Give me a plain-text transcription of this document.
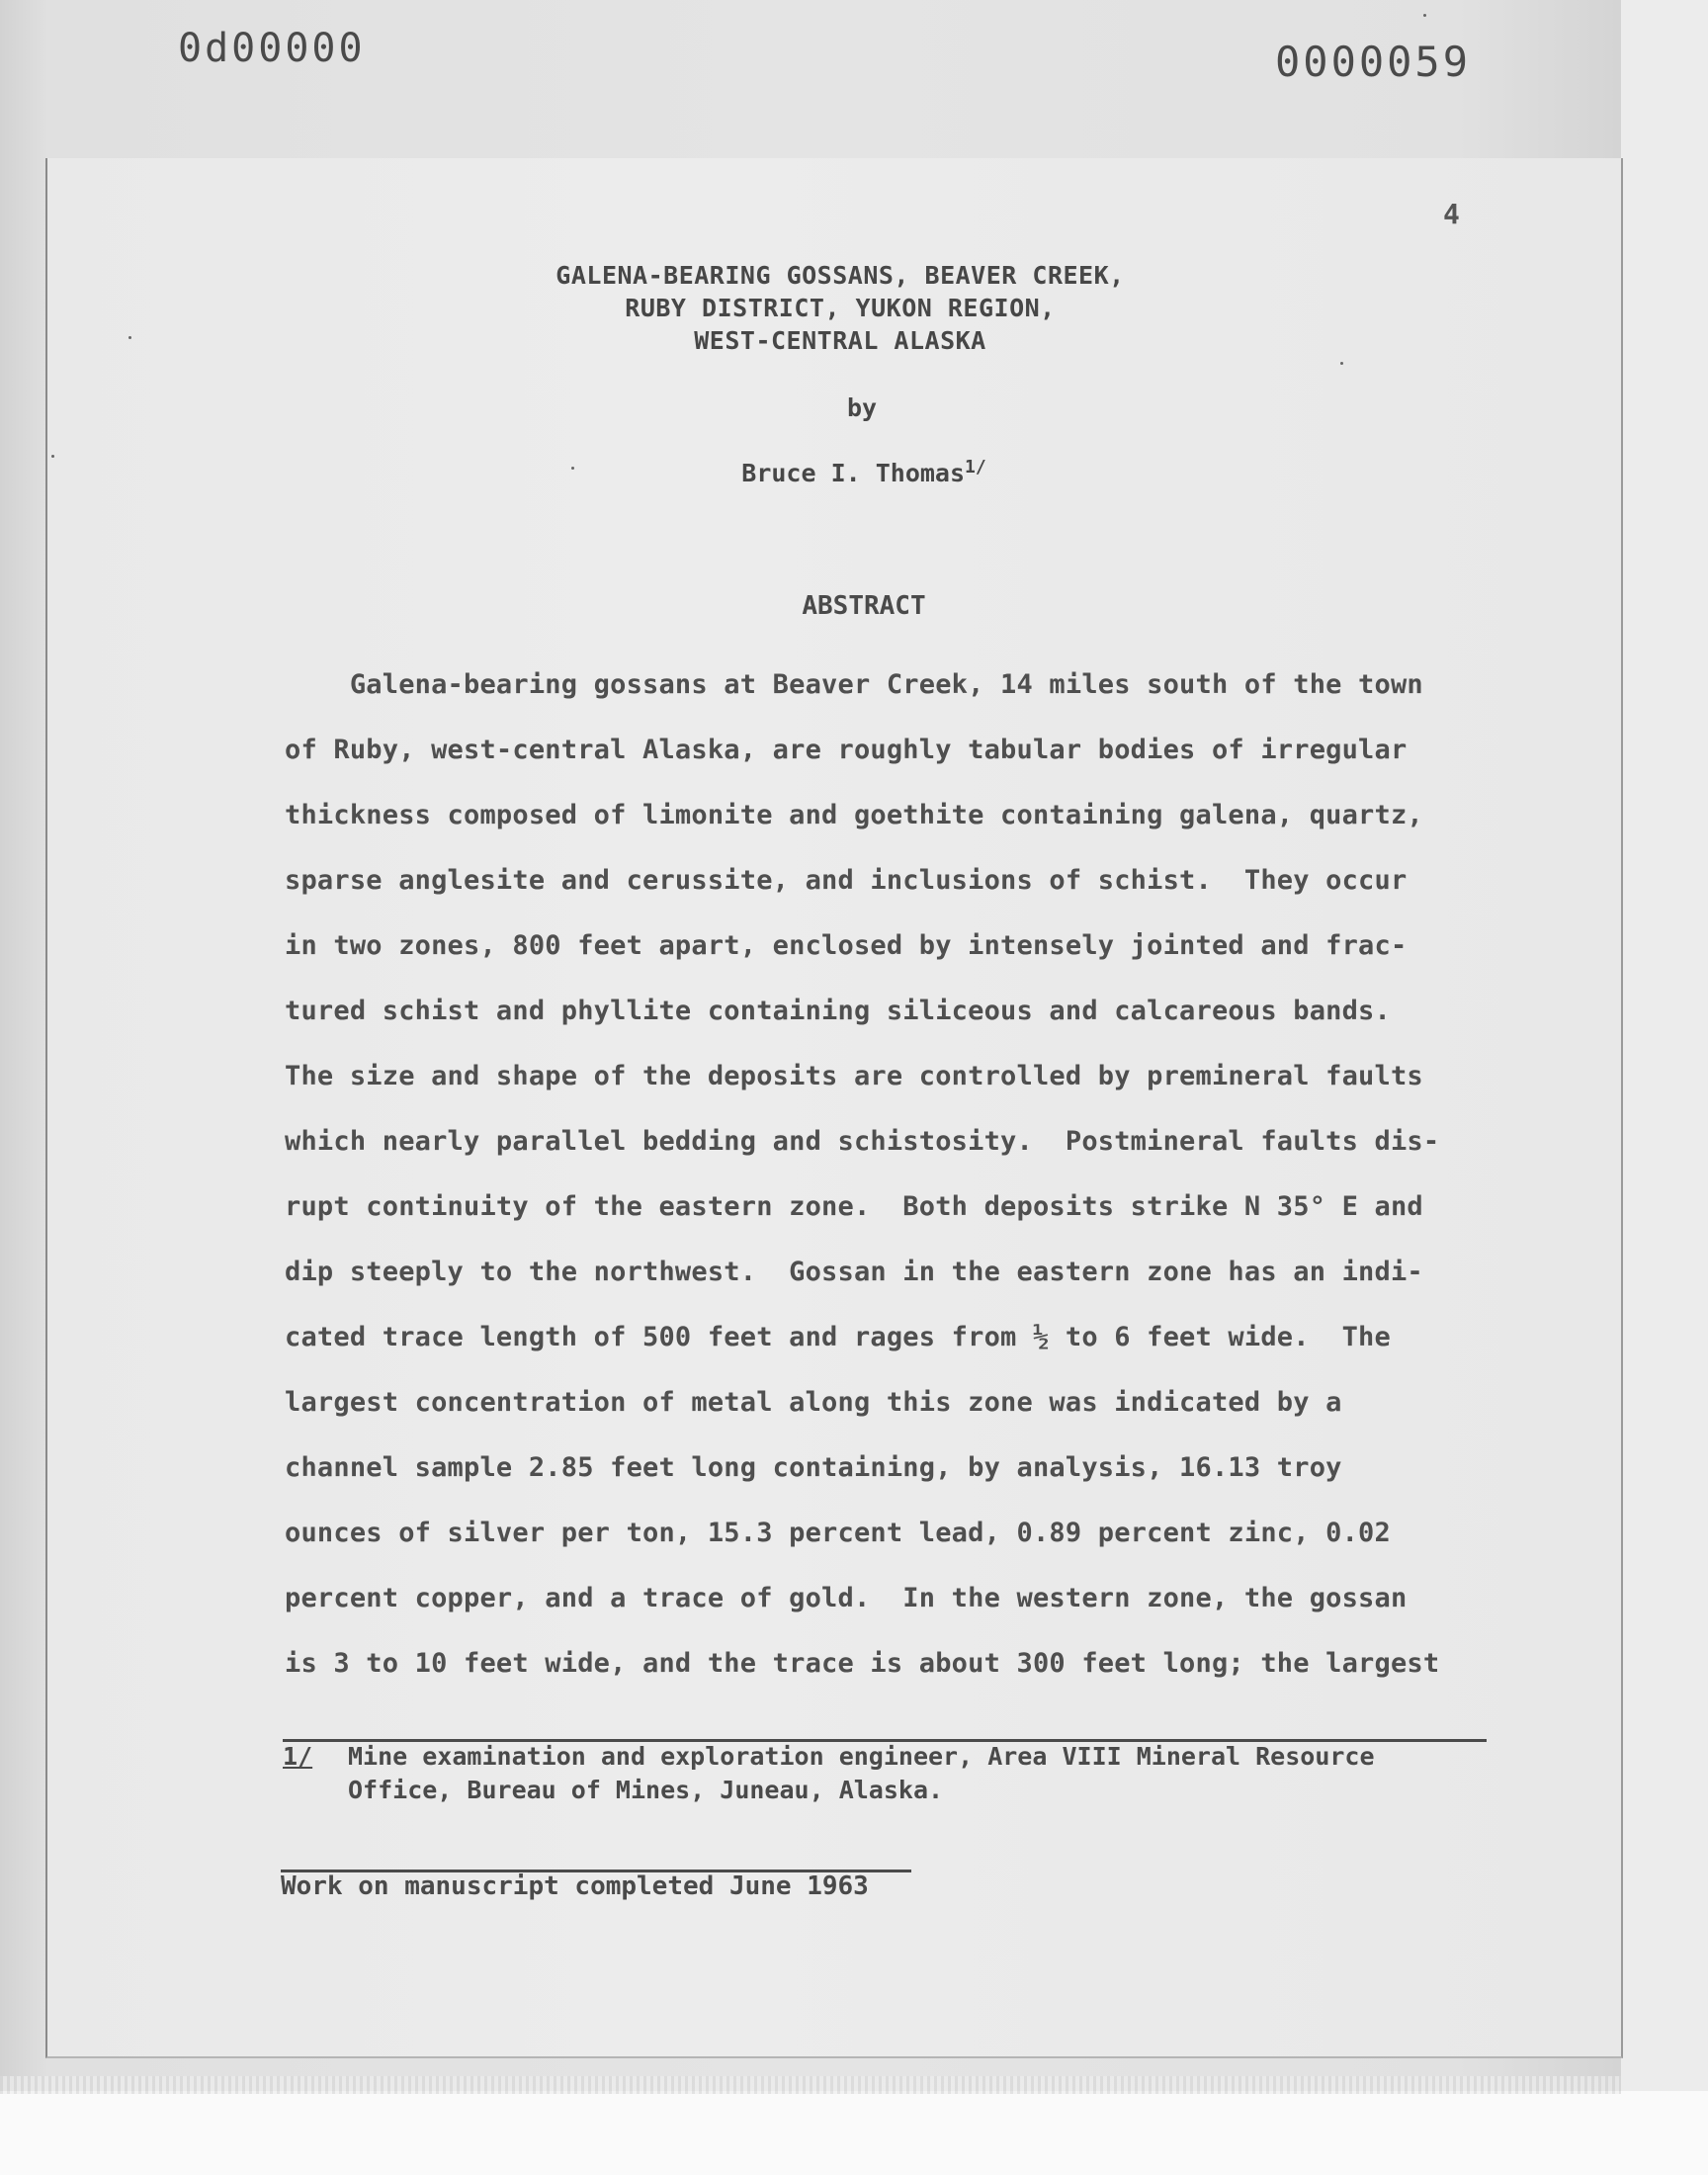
0d00000	0000059
4
GALENA-BEARING GOSSANS, BEAVER CREEK,
RUBY DISTRICT, YUKON REGION,
WEST-CENTRAL ALASKA
by
Bruce I. Thomas$^{1/}$
ABSTRACT
Galena-bearing gossans at Beaver Creek, 14 miles south of the town
of Ruby, west-central Alaska, are roughly tabular bodies of irregular
thickness composed of limonite and goethite containing galena, quartz,
sparse anglesite and cerussite, and inclusions of schist.  They occur
in two zones, 800 feet apart, enclosed by intensely jointed and frac-
tured schist and phyllite containing siliceous and calcareous bands.
The size and shape of the deposits are controlled by premineral faults
which nearly parallel bedding and schistosity.  Postmineral faults dis-
rupt continuity of the eastern zone.  Both deposits strike N 35° E and
dip steeply to the northwest.  Gossan in the eastern zone has an indi-
cated trace length of 500 feet and rages from ½ to 6 feet wide.  The
largest concentration of metal along this zone was indicated by a
channel sample 2.85 feet long containing, by analysis, 16.13 troy
ounces of silver per ton, 15.3 percent lead, 0.89 percent zinc, 0.02
percent copper, and a trace of gold.  In the western zone, the gossan
is 3 to 10 feet wide, and the trace is about 300 feet long; the largest
1/ Mine examination and exploration engineer, Area VIII Mineral Resource
Office, Bureau of Mines, Juneau, Alaska.
Work on manuscript completed June 1963
